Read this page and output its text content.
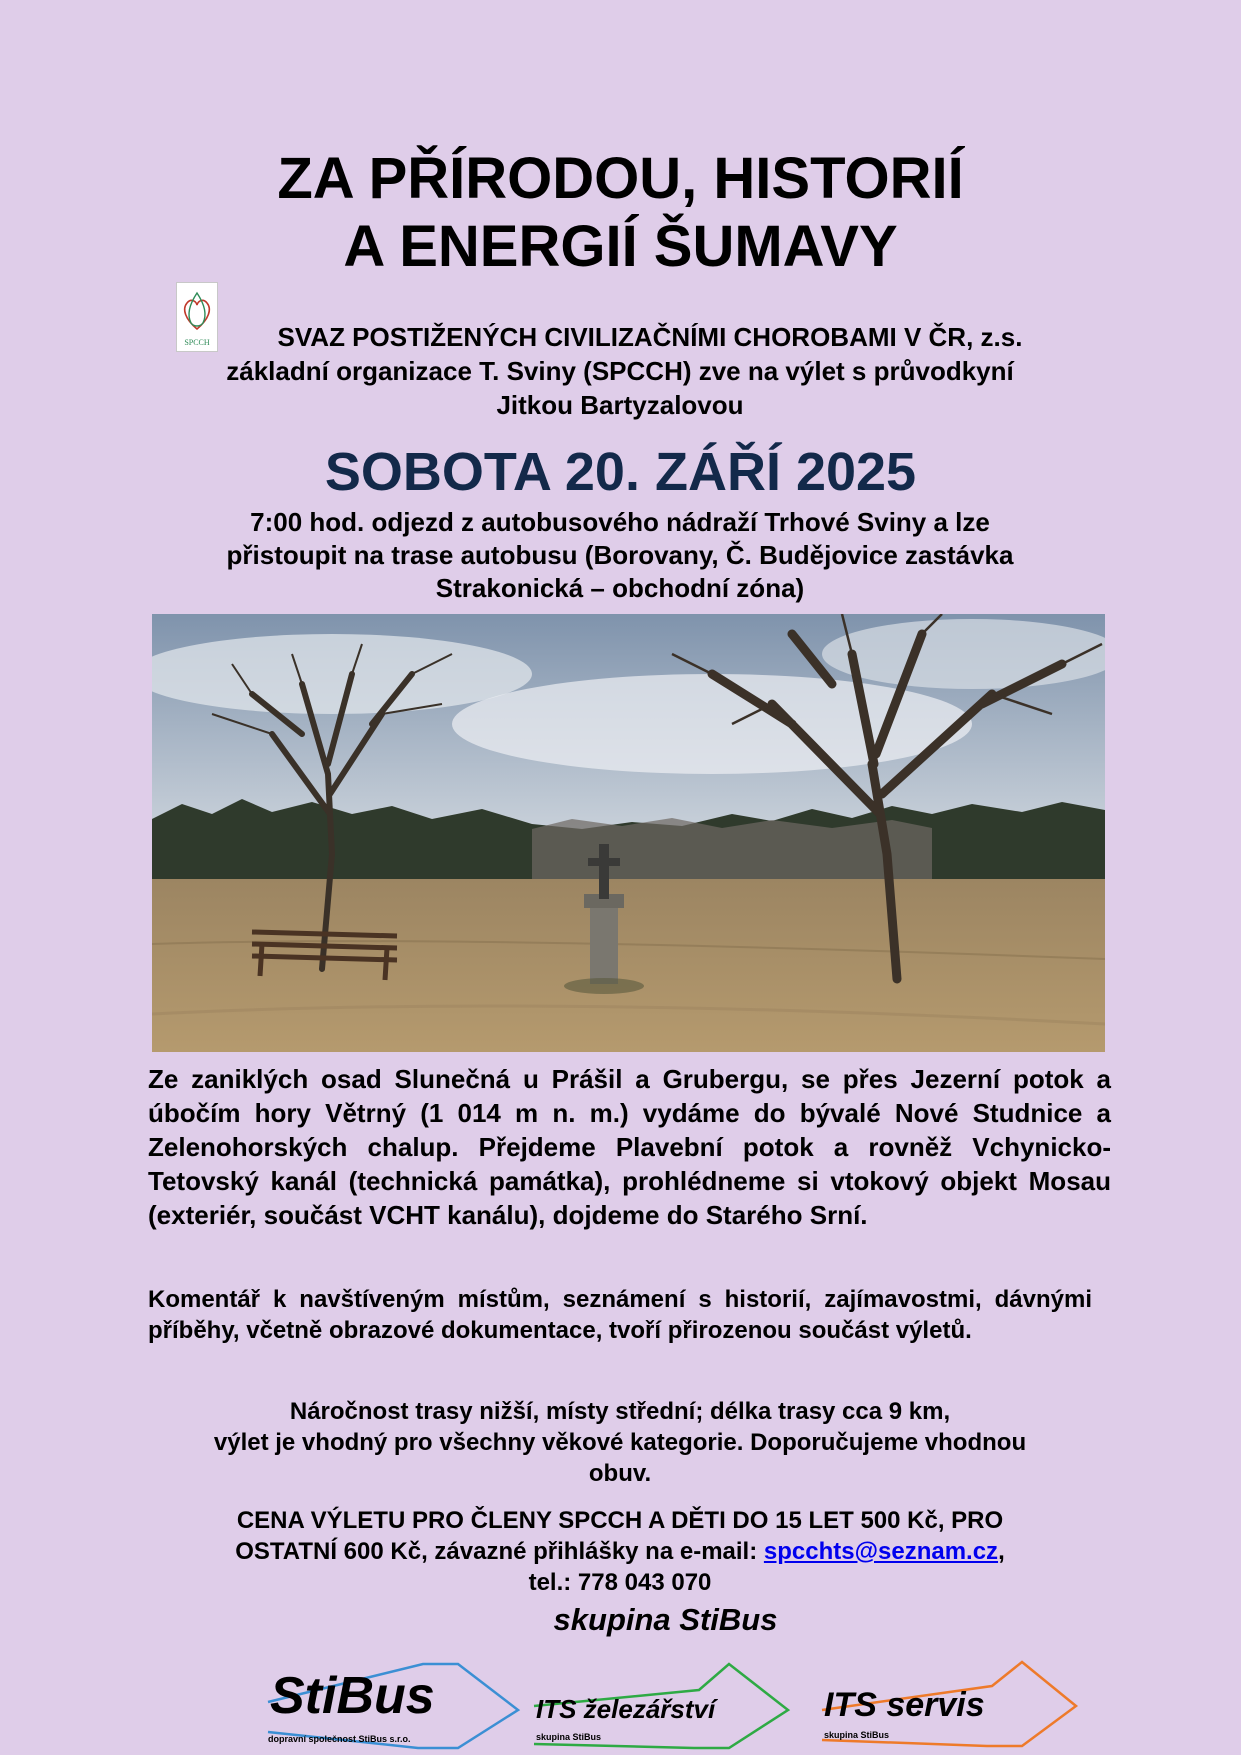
ZA PŘÍRODOU, HISTORIÍ
A ENERGIÍ ŠUMAVY
SPCCH	SVAZ POSTIŽENÝCH CIVILIZAČNÍMI CHOROBAMI V ČR, z.s.
základní organizace T. Sviny (SPCCH) zve na výlet s průvodkyní
Jitkou Bartyzalovou
SOBOTA 20. ZÁŘÍ 2025
7:00 hod. odjezd z autobusového nádraží Trhové Sviny a lze
přistoupit na trase autobusu (Borovany, Č. Budějovice zastávka
Strakonická – obchodní zóna)

Ze zaniklých osad Slunečná u Prášil a Grubergu, se přes Jezerní potok a úbočím hory Větrný (1 014 m n. m.) vydáme do bývalé Nové Studnice a Zelenohorských chalup. Přejdeme Plavební potok a rovněž Vchynicko-Tetovský kanál (technická památka), prohlédneme si vtokový objekt Mosau (exteriér, součást VCHT kanálu), dojdeme do Starého Srní.

Komentář k navštíveným místům, seznámení s historií, zajímavostmi, dávnými příběhy, včetně obrazové dokumentace, tvoří přirozenou součást výletů.

Náročnost trasy nižší, místy střední; délka trasy cca 9 km,
výlet je vhodný pro všechny věkové kategorie. Doporučujeme vhodnou
obuv.
CENA VÝLETU PRO ČLENY SPCCH A DĚTI DO 15 LET 500 Kč, PRO
OSTATNÍ 600 Kč, závazné přihlášky na e-mail: spcchts@seznam.cz,
tel.: 778 043 070
skupina StiBus
StiBus
dopravní společnost StiBus s.r.o.
ITS železářství
skupina StiBus
ITS servis
skupina StiBus
